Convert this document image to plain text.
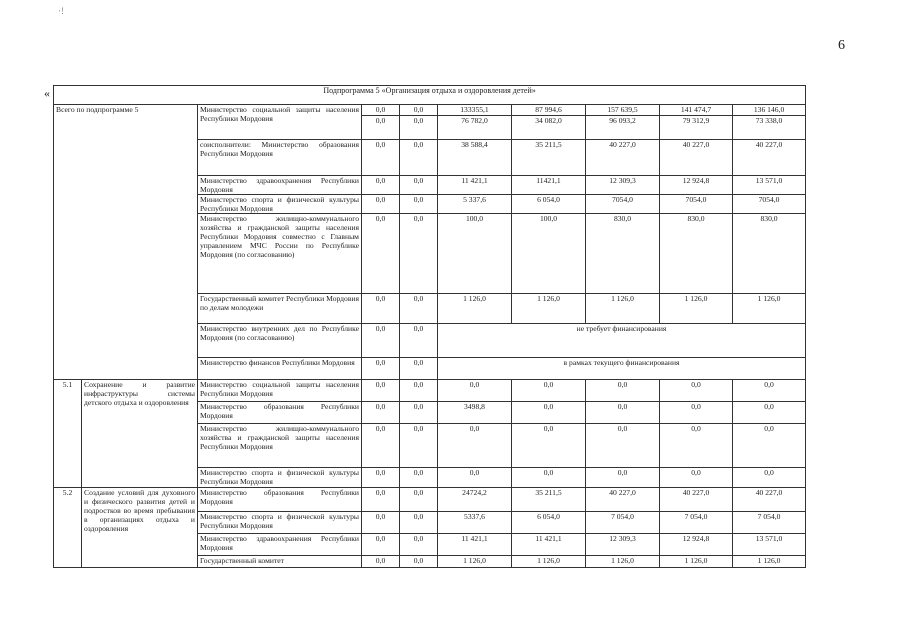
·!
6
«	Подпрограмма 5 «Организация отдыха и оздоровления детей»									
Всего по подпрограмме 5		Министерство социальной защиты населения Республики Мордовия	0,0	0,0	133355,1	87 994,6	157 639,5	141 474,7	136 146,0
			0,0	0,0	76 782,0	34 082,0	96 093,2	79 312,9	73 338,0
		соисполнители: Министерство образования Республики Мордовия	0,0	0,0	38 588,4	35 211,5	40 227,0	40 227,0	40 227,0
		Министерство здравоохранения Республики Мордовия	0,0	0,0	11 421,1	11421,1	12 309,3	12 924,8	13 571,0
		Министерство спорта и физической культуры Республики Мордовия	0,0	0,0	5 337,6	6 054,0	7054,0	7054,0	7054,0
		Министерство жилищно-коммунального хозяйства и гражданской защиты населения Республики Мордовия совместно с Главным управлением МЧС России по Республике Мордовия (по согласованию)	0,0	0,0	100,0	100,0	830,0	830,0	830,0
		Государственный комитет Республики Мордовия по делам молодежи	0,0	0,0	1 126,0	1 126,0	1 126,0	1 126,0	1 126,0
		Министерство внутренних дел по Республике Мордовия (по согласованию)	0,0	0,0	не требует финансирования				
		Министерство финансов Республики Мордовия	0,0	0,0	в рамках текущего финансирования				
5.1	Сохранение и развитие инфраструктуры системы детского отдыха и оздоровления	Министерство социальной защиты населения Республики Мордовия	0,0	0,0	0,0	0,0	0,0	0,0	0,0
		Министерство образования Республики Мордовия	0,0	0,0	3498,8	0,0	0,0	0,0	0,0
		Министерство жилищно-коммунального хозяйства и гражданской защиты населения Республики Мордовия	0,0	0,0	0,0	0,0	0,0	0,0	0,0
		Министерство спорта и физической культуры Республики Мордовия	0,0	0,0	0,0	0,0	0,0	0,0	0,0
5.2	Создание условий для духовного и физического развития детей и подростков во время пребывания в организациях отдыха и оздоровления	Министерство образования Республики Мордовия	0,0	0,0	24724,2	35 211,5	40 227,0	40 227,0	40 227,0
		Министерство спорта и физической культуры Республики Мордовия	0,0	0,0	5337,6	6 054,0	7 054,0	7 054,0	7 054,0
		Министерство здравоохранения Республики Мордовия	0,0	0,0	11 421,1	11 421,1	12 309,3	12 924,8	13 571,0
		Государственный комитет	0,0	0,0	1 126,0	1 126,0	1 126,0	1 126,0	1 126,0
